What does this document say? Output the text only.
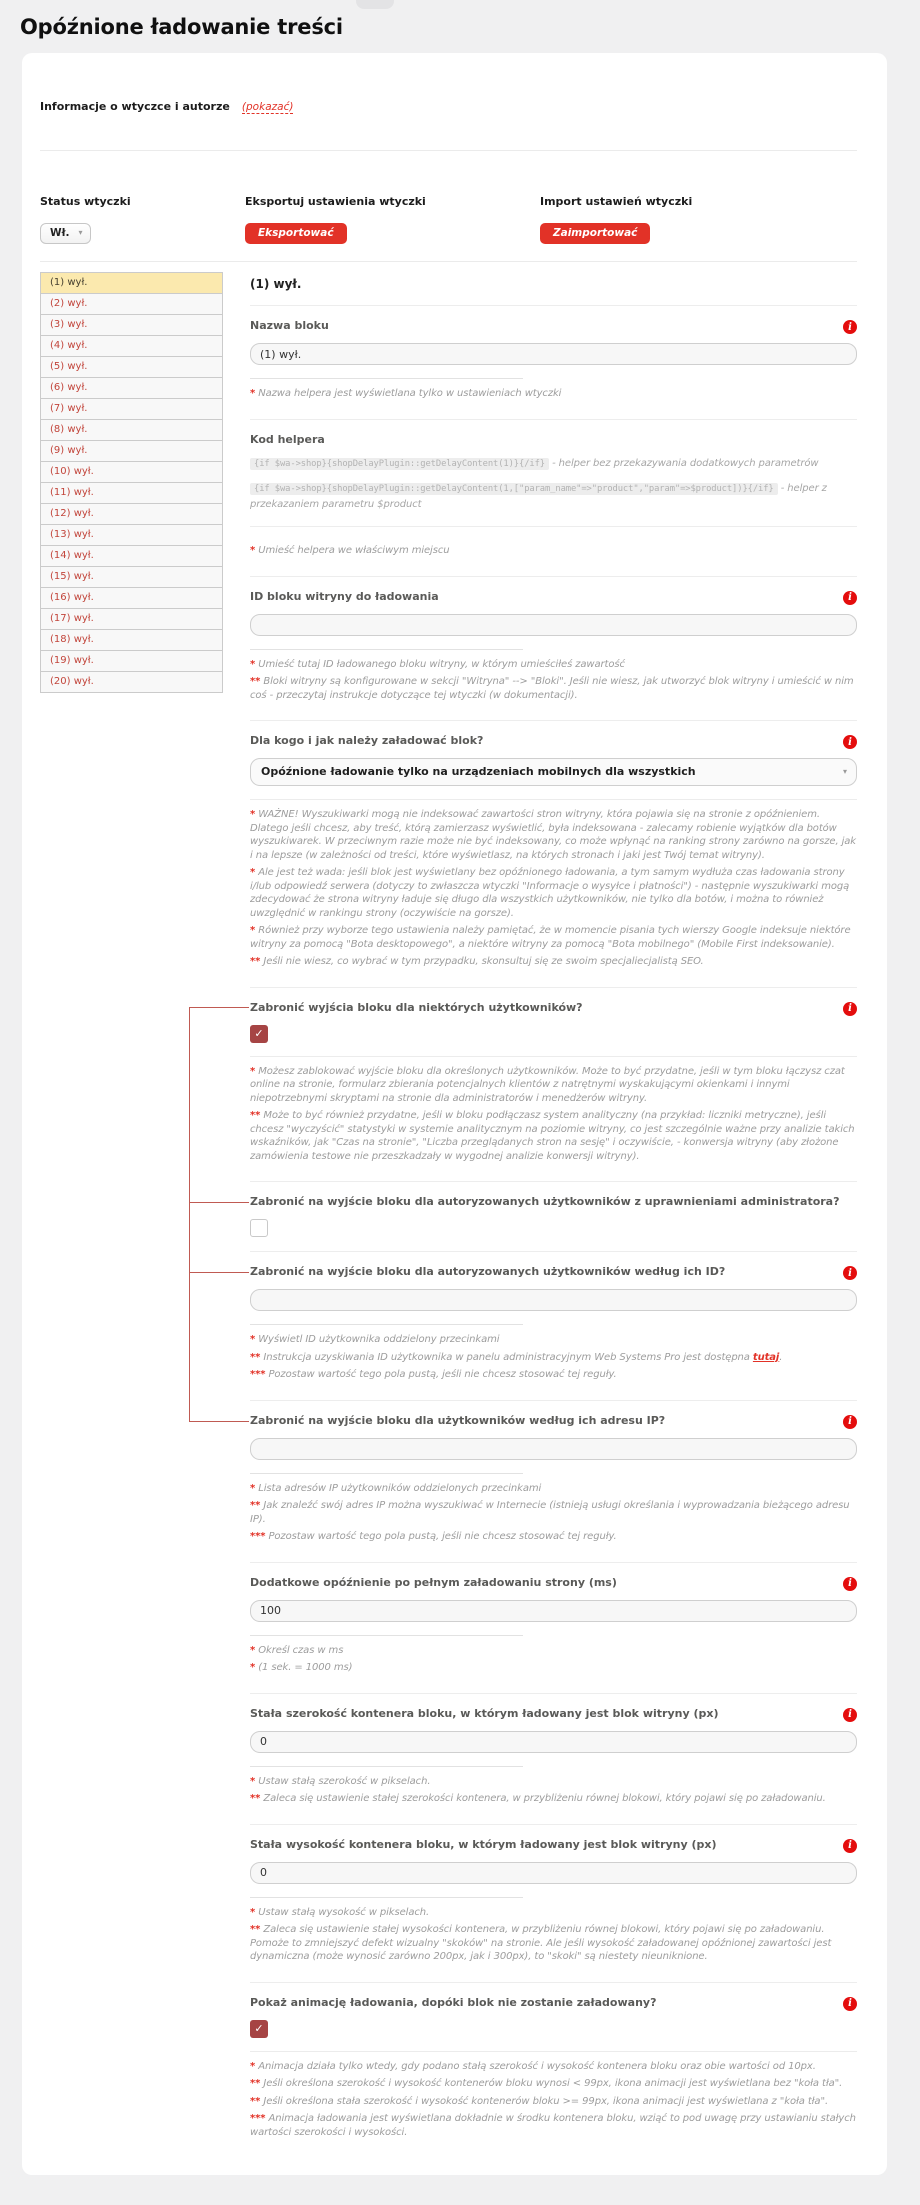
Opóźnione ładowanie treści
Informacje o wtyczce i autorze (pokazać)
Status wtyczki
Wł. ▾
Eksportuj ustawienia wtyczki
Eksportować
Import ustawień wtyczki
Zaimportować
(1) wył.
(2) wył.
(3) wył.
(4) wył.
(5) wył.
(6) wył.
(7) wył.
(8) wył.
(9) wył.
(10) wył.
(11) wył.
(12) wył.
(13) wył.
(14) wył.
(15) wył.
(16) wył.
(17) wył.
(18) wył.
(19) wył.
(20) wył.
(1) wył.
Nazwa bloku	i
(1) wył.

* Nazwa helpera jest wyświetlana tylko w ustawieniach wtyczki

Kod helpera
{if $wa->shop}{shopDelayPlugin::getDelayContent(1)}{/if} - helper bez przekazywania dodatkowych parametrów
{if $wa->shop}{shopDelayPlugin::getDelayContent(1,["param_name"=>"product","param"=>$product])}{/if} - helper z przekazaniem parametru $product

* Umieść helpera we właściwym miejscu

ID bloku witryny do ładowania	i

* Umieść tutaj ID ładowanego bloku witryny, w którym umieściłeś zawartość

** Bloki witryny są konfigurowane w sekcji "Witryna" --> "Bloki". Jeśli nie wiesz, jak utworzyć blok witryny i umieścić w nim coś - przeczytaj instrukcje dotyczące tej wtyczki (w dokumentacji).

Dla kogo i jak należy załadować blok?	i
Opóźnione ładowanie tylko na urządzeniach mobilnych dla wszystkich	▾

* WAŻNE! Wyszukiwarki mogą nie indeksować zawartości stron witryny, która pojawia się na stronie z opóźnieniem. Dlatego jeśli chcesz, aby treść, którą zamierzasz wyświetlić, była indeksowana - zalecamy robienie wyjątków dla botów wyszukiwarek. W przeciwnym razie może nie być indeksowany, co może wpłynąć na ranking strony zarówno na gorsze, jak i na lepsze (w zależności od treści, które wyświetlasz, na których stronach i jaki jest Twój temat witryny).

* Ale jest też wada: jeśli blok jest wyświetlany bez opóźnionego ładowania, a tym samym wydłuża czas ładowania strony i/lub odpowiedź serwera (dotyczy to zwłaszcza wtyczki "Informacje o wysyłce i płatności") - następnie wyszukiwarki mogą zdecydować że strona witryny ładuje się długo dla wszystkich użytkowników, nie tylko dla botów, i można to również uwzględnić w rankingu strony (oczywiście na gorsze).

* Również przy wyborze tego ustawienia należy pamiętać, że w momencie pisania tych wierszy Google indeksuje niektóre witryny za pomocą "Bota desktopowego", a niektóre witryny za pomocą "Bota mobilnego" (Mobile First indeksowanie).

** Jeśli nie wiesz, co wybrać w tym przypadku, skonsultuj się ze swoim specjaliecjalistą SEO.

Zabronić wyjścia bloku dla niektórych użytkowników?	i
✓

* Możesz zablokować wyjście bloku dla określonych użytkowników. Może to być przydatne, jeśli w tym bloku łączysz czat online na stronie, formularz zbierania potencjalnych klientów z natrętnymi wyskakującymi okienkami i innymi niepotrzebnymi skryptami na stronie dla administratorów i menedżerów witryny.

** Może to być również przydatne, jeśli w bloku podłączasz system analityczny (na przykład: liczniki metryczne), jeśli chcesz "wyczyścić" statystyki w systemie analitycznym na poziomie witryny, co jest szczególnie ważne przy analizie takich wskaźników, jak "Czas na stronie", "Liczba przeglądanych stron na sesję" i oczywiście, - konwersja witryny (aby złożone zamówienia testowe nie przeszkadzały w wygodnej analizie konwersji witryny).

Zabronić na wyjście bloku dla autoryzowanych użytkowników z uprawnieniami administratora?
Zabronić na wyjście bloku dla autoryzowanych użytkowników według ich ID?	i

* Wyświetl ID użytkownika oddzielony przecinkami

** Instrukcja uzyskiwania ID użytkownika w panelu administracyjnym Web Systems Pro jest dostępna tutaj.

*** Pozostaw wartość tego pola pustą, jeśli nie chcesz stosować tej reguły.

Zabronić na wyjście bloku dla użytkowników według ich adresu IP?	i

* Lista adresów IP użytkowników oddzielonych przecinkami

** Jak znaleźć swój adres IP można wyszukiwać w Internecie (istnieją usługi określania i wyprowadzania bieżącego adresu IP).

*** Pozostaw wartość tego pola pustą, jeśli nie chcesz stosować tej reguły.

Dodatkowe opóźnienie po pełnym załadowaniu strony (ms)	i
100

* Określ czas w ms

* (1 sek. = 1000 ms)

Stała szerokość kontenera bloku, w którym ładowany jest blok witryny (px)	i
0

* Ustaw stałą szerokość w pikselach.

** Zaleca się ustawienie stałej szerokości kontenera, w przybliżeniu równej blokowi, który pojawi się po załadowaniu.

Stała wysokość kontenera bloku, w którym ładowany jest blok witryny (px)	i
0

* Ustaw stałą wysokość w pikselach.

** Zaleca się ustawienie stałej wysokości kontenera, w przybliżeniu równej blokowi, który pojawi się po załadowaniu. Pomoże to zmniejszyć defekt wizualny "skoków" na stronie. Ale jeśli wysokość załadowanej opóźnionej zawartości jest dynamiczna (może wynosić zarówno 200px, jak i 300px), to "skoki" są niestety nieuniknione.

Pokaż animację ładowania, dopóki blok nie zostanie załadowany?	i
✓

* Animacja działa tylko wtedy, gdy podano stałą szerokość i wysokość kontenera bloku oraz obie wartości od 10px.

** Jeśli określona szerokość i wysokość kontenerów bloku wynosi < 99px, ikona animacji jest wyświetlana bez "koła tła".

** Jeśli określona stała szerokość i wysokość kontenerów bloku >= 99px, ikona animacji jest wyświetlana z "koła tła".

*** Animacja ładowania jest wyświetlana dokładnie w środku kontenera bloku, wziąć to pod uwagę przy ustawianiu stałych wartości szerokości i wysokości.
